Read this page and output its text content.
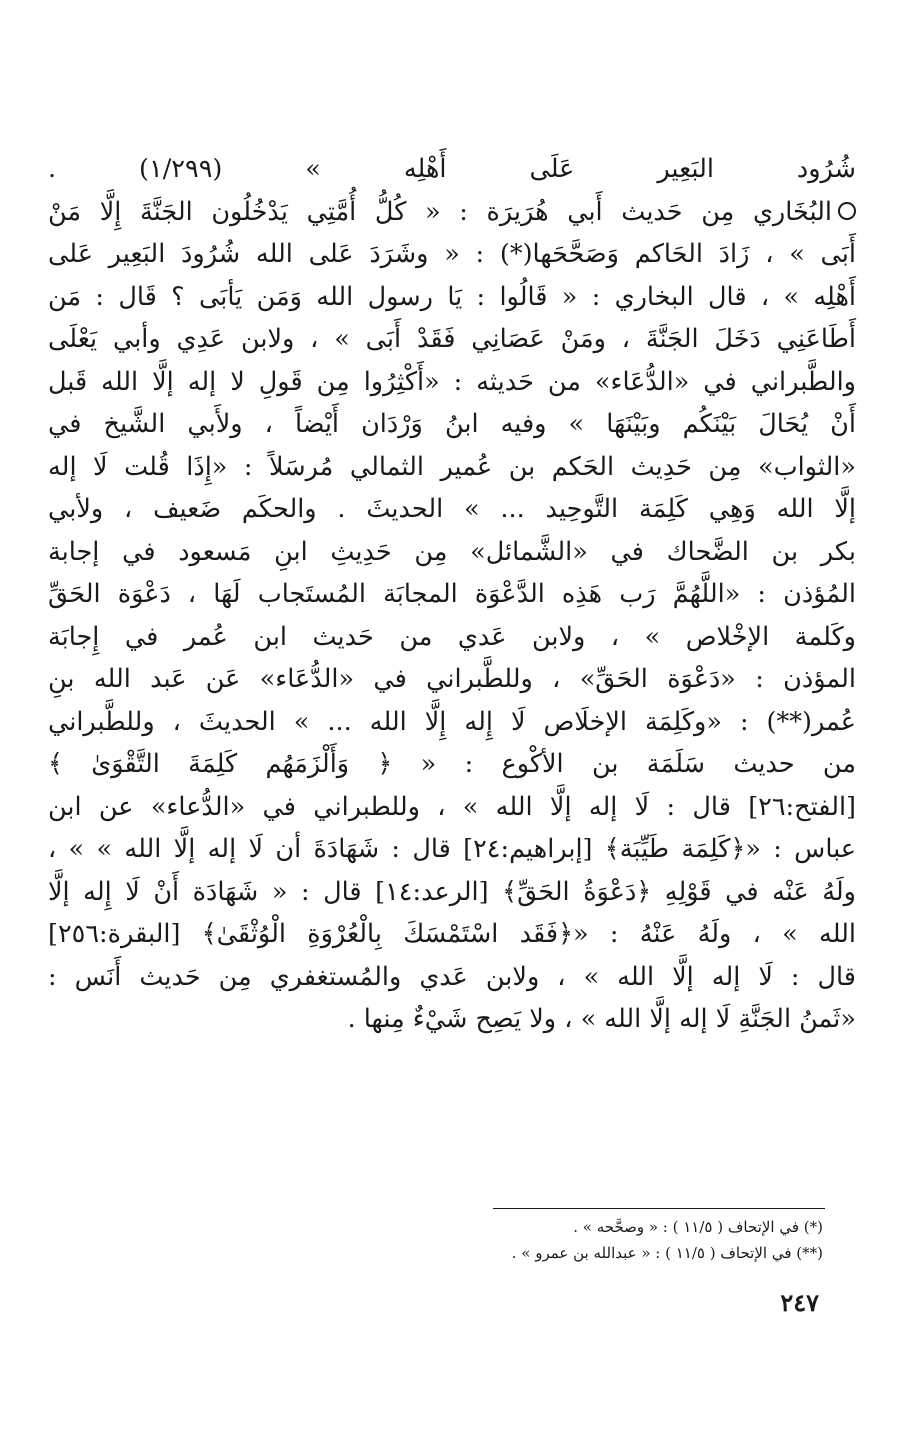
شُرُود البَعِير عَلَى أَهْلِه » (١/٢٩٩) .
البُخَاري مِن حَديث أَبي هُرَيرَة : « كُلُّ أُمَّتِي يَدْخُلُون الجَنَّةَ إِلَّا مَنْ
أَبَى » ، زَادَ الحَاكم وَصَحَّحَها(*) : « وشَرَدَ عَلى الله شُرُودَ البَعِير عَلى
أَهْلِه » ، قال البخاري : « قَالُوا : يَا رسول الله وَمَن يَأبَى ؟ قَال : مَن
أَطَاعَنِي دَخَلَ الجَنَّةَ ، ومَنْ عَصَانِي فَقَدْ أَبَى » ، ولابن عَدِي وأبي يَعْلَى
والطَّبراني في «الدُّعَاء» من حَديثه : «أَكْثِرُوا مِن قَولِ لا إله إلَّا الله قَبل
أَنْ يُحَالَ بَيْنَكُم وبَيْنَهَا » وفيه ابنُ وَرْدَان أَيْضاً ، ولأَبي الشَّيخ في
«الثواب» مِن حَدِيث الحَكم بن عُمير الثمالي مُرسَلاً : «إِذَا قُلت لَا إله
إلَّا الله وَهِي كَلِمَة التَّوحِيد ... » الحديثَ . والحكَم ضَعيف ، ولأبي
بكر بن الضَّحاك في «الشَّمائل» مِن حَدِيثِ ابنِ مَسعود في إجابة
المُؤذن : «اللَّهُمَّ رَب هَذِه الدَّعْوَة المجابَة المُستَجاب لَهَا ، دَعْوَة الحَقِّ
وكَلمة الإخْلاص » ، ولابن عَدي من حَديث ابن عُمر في إِجابَة
المؤذن : «دَعْوَة الحَقِّ» ، وللطَّبراني في «الدُّعَاء» عَن عَبد الله بنِ
عُمر(**) : «وكَلِمَة الإخلَاص لَا إِله إِلَّا الله ... » الحديثَ ، وللطَّبراني
من حديث سَلَمَة بن الأكْوع : « ﴿ وَأَلْزَمَهُم كَلِمَةَ التَّقْوَىٰ ﴾
[الفتح:٢٦] قال : لَا إله إلَّا الله » ، وللطبراني في «الدُّعاء» عن ابن
عباس : «﴿كَلِمَة طَيِّبَة﴾ [إبراهيم:٢٤] قال : شَهَادَةَ أن لَا إله إلَّا الله » » ،
ولَهُ عَنْه في قَوْلِهِ ﴿دَعْوَةُ الحَقِّ﴾ [الرعد:١٤] قال : « شَهَادَة أَنْ لَا إِله إلَّا
الله » ، ولَهُ عَنْهُ : «﴿فَقَد اسْتَمْسَكَ بِالْعُرْوَةِ الْوُثْقَىٰ﴾ [البقرة:٢٥٦]
قال : لَا إله إلَّا الله » ، ولابن عَدي والمُستغفري مِن حَديث أَنَس :
«ثَمنُ الجَنَّةِ لَا إله إلَّا الله » ، ولا يَصِح شَيْءٌ مِنها .
(*) في الإتحاف ( ١١/٥ ) : « وصحَّحه » .
(**) في الإتحاف ( ١١/٥ ) : « عبدالله بن عمرو » .
٢٤٧
